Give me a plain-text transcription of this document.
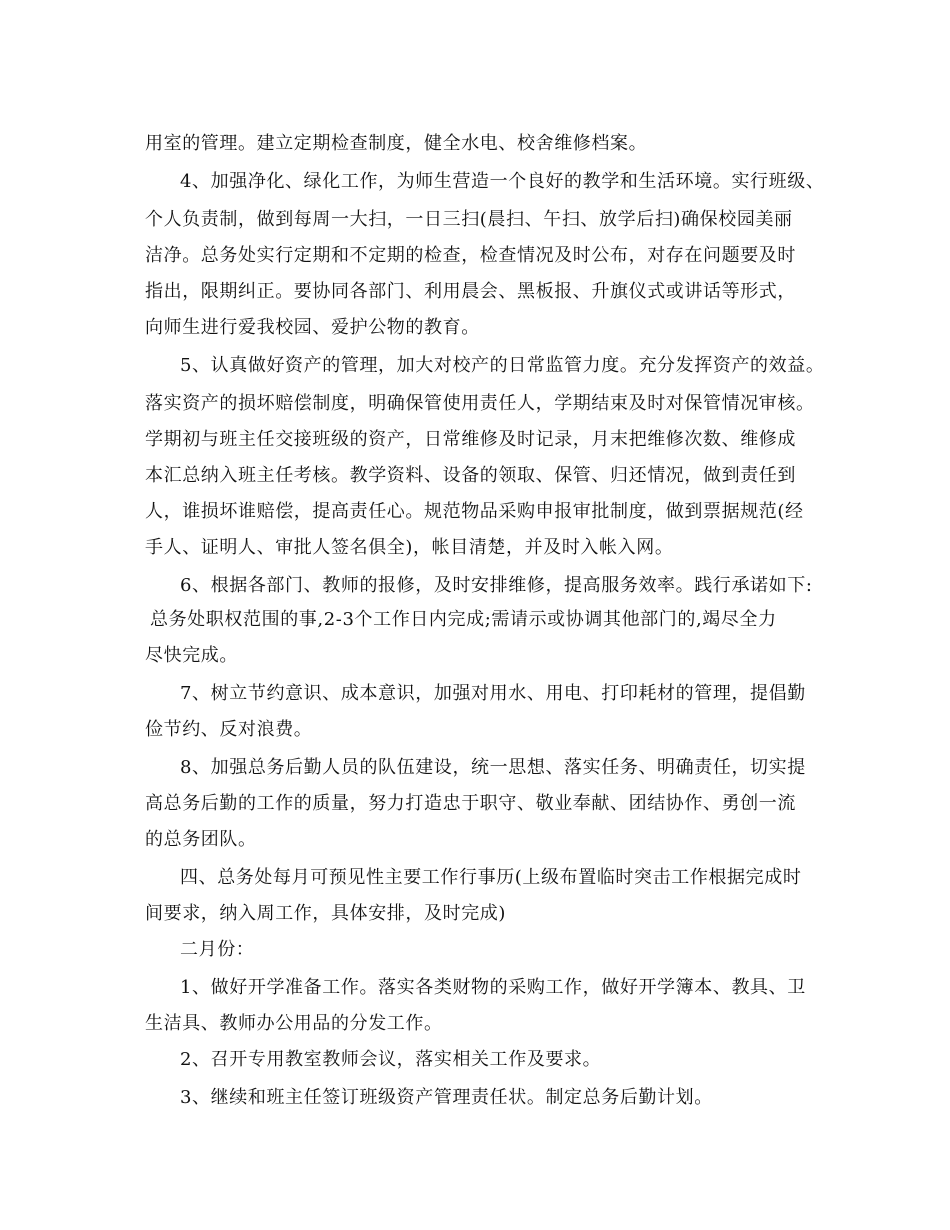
用室的管理。建立定期检查制度，健全水电、校舍维修档案。
4、加强净化、绿化工作，为师生营造一个良好的教学和生活环境。实行班级、
个人负责制，做到每周一大扫，一日三扫(晨扫、午扫、放学后扫)确保校园美丽
洁净。总务处实行定期和不定期的检查，检查情况及时公布，对存在问题要及时
指出，限期纠正。要协同各部门、利用晨会、黑板报、升旗仪式或讲话等形式，
向师生进行爱我校园、爱护公物的教育。
5、认真做好资产的管理，加大对校产的日常监管力度。充分发挥资产的效益。
落实资产的损坏赔偿制度，明确保管使用责任人，学期结束及时对保管情况审核。
学期初与班主任交接班级的资产，日常维修及时记录，月末把维修次数、维修成
本汇总纳入班主任考核。教学资料、设备的领取、保管、归还情况，做到责任到
人，谁损坏谁赔偿，提高责任心。规范物品采购申报审批制度，做到票据规范(经
手人、证明人、审批人签名俱全)，帐目清楚，并及时入帐入网。
6、根据各部门、教师的报修，及时安排维修，提高服务效率。践行承诺如下:
总务处职权范围的事,2-3个工作日内完成;需请示或协调其他部门的,竭尽全力
尽快完成。
7、树立节约意识、成本意识，加强对用水、用电、打印耗材的管理，提倡勤
俭节约、反对浪费。
8、加强总务后勤人员的队伍建设，统一思想、落实任务、明确责任，切实提
高总务后勤的工作的质量，努力打造忠于职守、敬业奉献、团结协作、勇创一流
的总务团队。
四、总务处每月可预见性主要工作行事历(上级布置临时突击工作根据完成时
间要求，纳入周工作，具体安排，及时完成)
二月份：
1、做好开学准备工作。落实各类财物的采购工作，做好开学簿本、教具、卫
生洁具、教师办公用品的分发工作。
2、召开专用教室教师会议，落实相关工作及要求。
3、继续和班主任签订班级资产管理责任状。制定总务后勤计划。
